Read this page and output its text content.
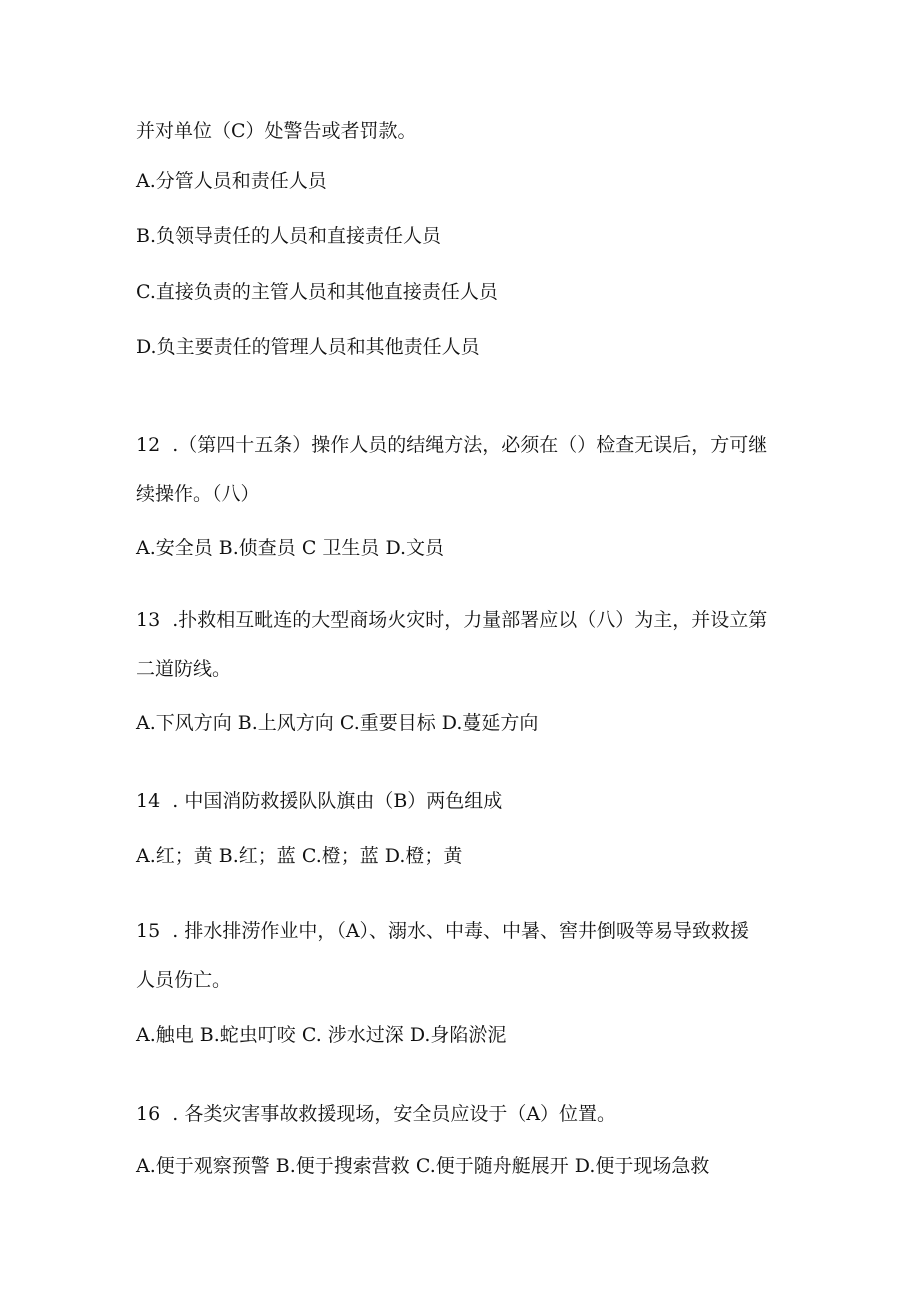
并对单位（C）处警告或者罚款。
A.分管人员和责任人员
B.负领导责任的人员和直接责任人员
C.直接负责的主管人员和其他直接责任人员
D.负主要责任的管理人员和其他责任人员
12  .（第四十五条）操作人员的结绳方法，必须在（）检查无误后，方可继
续操作。（八）
A.安全员 B.侦查员 C 卫生员 D.文员
13  .扑救相互毗连的大型商场火灾时，力量部署应以（八）为主，并设立第
二道防线。
A.下风方向 B.上风方向 C.重要目标 D.蔓延方向
14  . 中国消防救援队队旗由（B）两色组成
A.红；黄 B.红；蓝 C.橙；蓝 D.橙；黄
15  . 排水排涝作业中，（A）、溺水、中毒、中暑、窖井倒吸等易导致救援
人员伤亡。
A.触电 B.蛇虫叮咬 C. 涉水过深 D.身陷淤泥
16  . 各类灾害事故救援现场，安全员应设于（A）位置。
A.便于观察预警 B.便于搜索营救 C.便于随舟艇展开 D.便于现场急救
